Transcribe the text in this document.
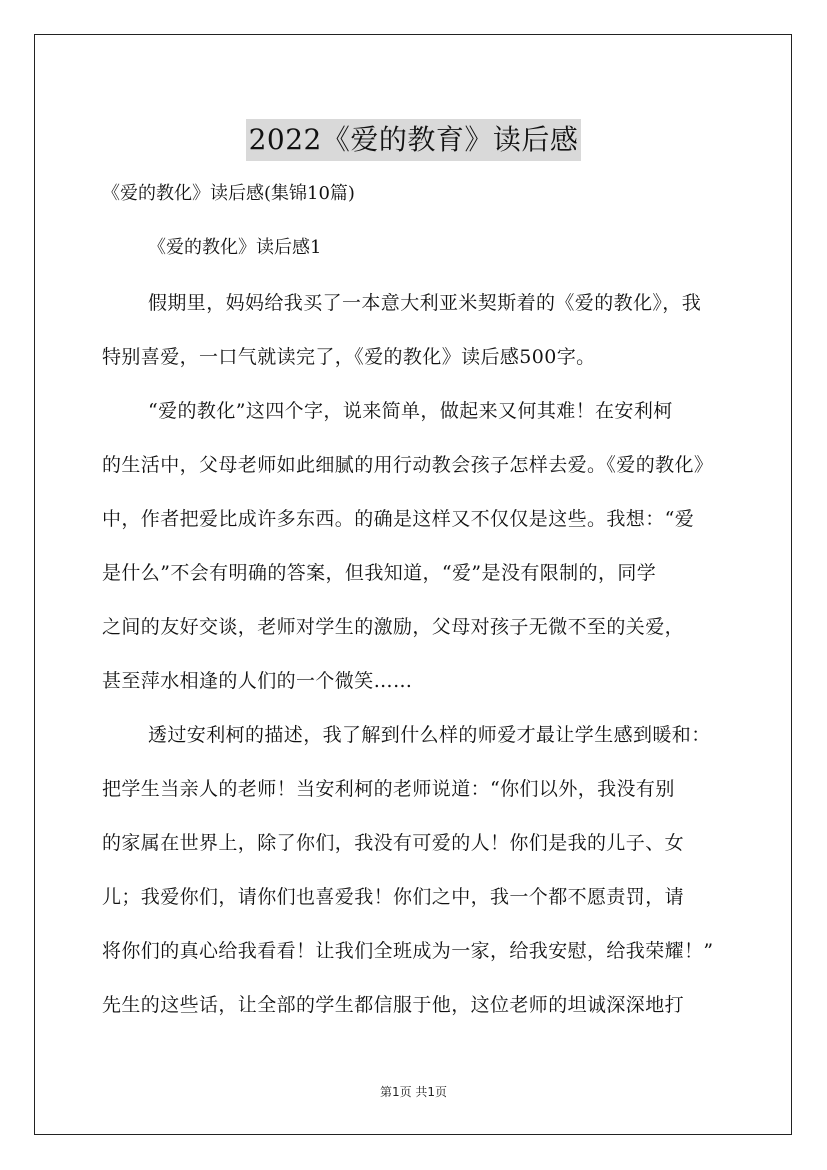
2022《爱的教育》读后感
《爱的教化》读后感(集锦10篇)
《爱的教化》读后感1
假期里，妈妈给我买了一本意大利亚米契斯着的《爱的教化》，我
特别喜爱，一口气就读完了，《爱的教化》读后感500字。
“爱的教化”这四个字，说来简单，做起来又何其难！在安利柯
的生活中，父母老师如此细腻的用行动教会孩子怎样去爱。《爱的教化》
中，作者把爱比成许多东西。的确是这样又不仅仅是这些。我想：“爱
是什么”不会有明确的答案，但我知道，“爱”是没有限制的，同学
之间的友好交谈，老师对学生的激励，父母对孩子无微不至的关爱，
甚至萍水相逢的人们的一个微笑……
透过安利柯的描述，我了解到什么样的师爱才最让学生感到暖和：
把学生当亲人的老师！当安利柯的老师说道：“你们以外，我没有别
的家属在世界上，除了你们，我没有可爱的人！你们是我的儿子、女
儿；我爱你们，请你们也喜爱我！你们之中，我一个都不愿责罚，请
将你们的真心给我看看！让我们全班成为一家，给我安慰，给我荣耀！”
先生的这些话，让全部的学生都信服于他，这位老师的坦诚深深地打
第1页 共1页
